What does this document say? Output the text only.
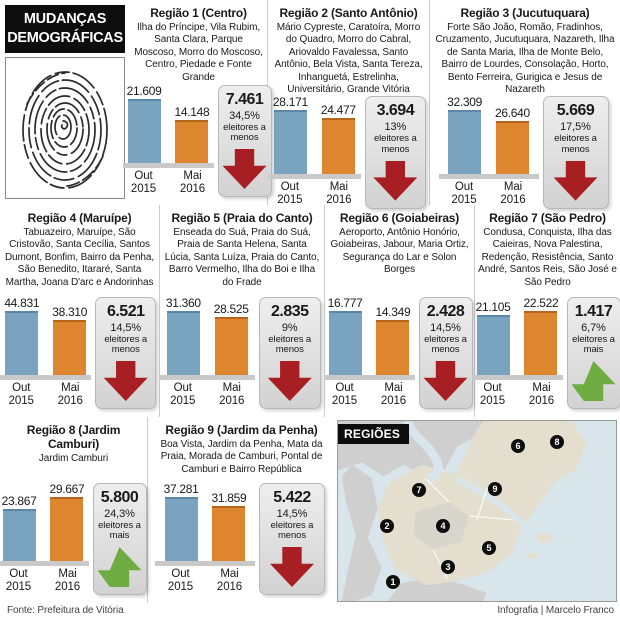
MUDANÇAS DEMOGRÁFICAS
Região 1 (Centro)

Ilha do Príncipe, Vila Rubim, Santa Clara, Parque Moscoso, Morro do Moscoso, Centro, Piedade e Fonte Grande

21.609
14.148
Out
2015
Mai
2016
7.461
34,5%
eleitores a menos
Região 2 (Santo Antônio)

Mário Cypreste, Caratoíra, Morro do Quadro, Morro do Cabral, Ariovaldo Favalessa, Santo Antônio, Bela Vista, Santa Tereza, Inhanguetá, Estrelinha, Universitário, Grande Vitória

28.171
24.477
Out
2015
Mai
2016
3.694
13%
eleitores a menos
Região 3 (Jucutuquara)

Forte São João, Romão, Fradinhos, Cruzamento, Jucutuquara, Nazareth, Ilha de Santa Maria, Ilha de Monte Belo, Bairro de Lourdes, Consolação, Horto, Bento Ferreira, Gurigica e Jesus de Nazareth

32.309
26.640
Out
2015
Mai
2016
5.669
17,5%
eleitores a menos
Região 4 (Maruípe)

Tabuazeiro, Maruípe, São Cristovão, Santa Cecília, Santos Dumont, Bonfim, Bairro da Penha, São Benedito, Itararé, Santa Martha, Joana D'arc e Andorinhas

44.831
38.310
Out
2015
Mai
2016
6.521
14,5%
eleitores a menos
Região 5 (Praia do Canto)

Enseada do Suá, Praia do Suá, Praia de Santa Helena, Santa Lúcia, Santa Luíza, Praia do Canto, Barro Vermelho, Ilha do Boi e Ilha do Frade

31.360 28.525
Out
2015
Mai
2016
2.835
9%
eleitores a menos
Região 6 (Goiabeiras)

Aeroporto, Antônio Honório, Goiabeiras, Jabour, Maria Ortiz, Segurança do Lar e Solon Borges

16.777
14.349
Out
2015
Mai
2016
2.428
14,5%
eleitores a menos
Região 7 (São Pedro)

Condusa, Conquista, Ilha das Caieiras, Nova Palestina, Redenção, Resistência, Santo André, Santos Reis, São José e São Pedro

21.105 22.522
Out
2015
Mai
2016
1.417
6,7%
eleitores a mais
Região 8 (Jardim Camburi)

Jardim Camburi

23.867
29.667
Out
2015
Mai
2016
5.800
24,3%
eleitores a mais
Região 9 (Jardim da Penha)

Boa Vista, Jardim da Penha, Mata da Praia, Morada de Camburi, Pontal de Camburi e Bairro República

37.281
31.859
Out
2015
Mai
2016
5.422
14,5%
eleitores a menos
REGIÕES
1
2
3
4
5
6
7
8
9
Fonte: Prefeitura de Vitória	Infografia | Marcelo Franco
